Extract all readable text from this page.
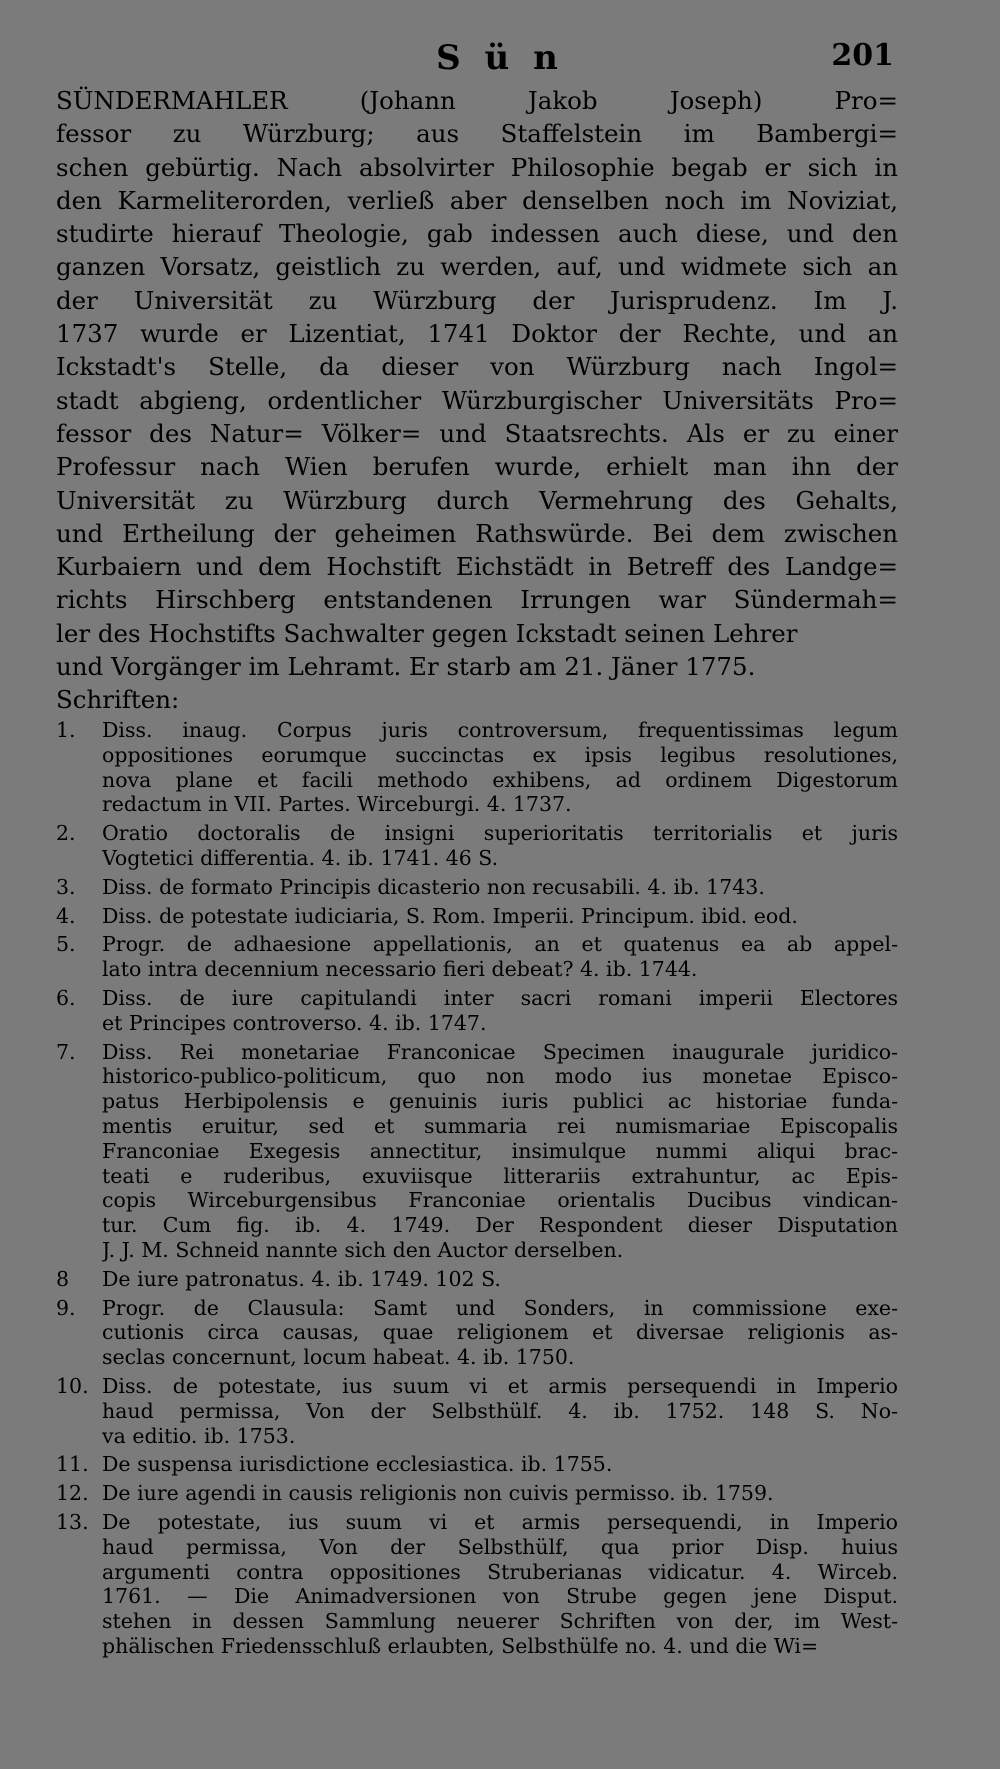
S ü n	201
SÜNDERMAHLER (Johann Jakob Joseph) Pro=
fessor zu Würzburg; aus Staffelstein im Bambergi=
schen gebürtig. Nach absolvirter Philosophie begab er sich in
den Karmeliterorden, verließ aber denselben noch im Noviziat,
studirte hierauf Theologie, gab indessen auch diese, und den
ganzen Vorsatz, geistlich zu werden, auf, und widmete sich an
der Universität zu Würzburg der Jurisprudenz. Im J.
1737 wurde er Lizentiat, 1741 Doktor der Rechte, und an
Ickstadt's Stelle, da dieser von Würzburg nach Ingol=
stadt abgieng, ordentlicher Würzburgischer Universitäts Pro=
fessor des Natur= Völker= und Staatsrechts. Als er zu einer
Professur nach Wien berufen wurde, erhielt man ihn der
Universität zu Würzburg durch Vermehrung des Gehalts,
und Ertheilung der geheimen Rathswürde. Bei dem zwischen
Kurbaiern und dem Hochstift Eichstädt in Betreff des Landge=
richts Hirschberg entstandenen Irrungen war Sündermah=
ler des Hochstifts Sachwalter gegen Ickstadt seinen Lehrer
und Vorgänger im Lehramt. Er starb am 21. Jäner 1775.
Schriften:
1.	Diss. inaug. Corpus juris controversum, frequentissimas legum
oppositiones eorumque succinctas ex ipsis legibus resolutiones,
nova plane et facili methodo exhibens, ad ordinem Digestorum
redactum in VII. Partes. Wirceburgi. 4. 1737.
2.	Oratio doctoralis de insigni superioritatis territorialis et juris
Vogtetici differentia. 4. ib. 1741. 46 S.
3.	Diss. de formato Principis dicasterio non recusabili. 4. ib. 1743.
4.	Diss. de potestate iudiciaria, S. Rom. Imperii. Principum. ibid. eod.
5.	Progr. de adhaesione appellationis, an et quatenus ea ab appel-
lato intra decennium necessario fieri debeat? 4. ib. 1744.
6.	Diss. de iure capitulandi inter sacri romani imperii Electores
et Principes controverso. 4. ib. 1747.
7.	Diss. Rei monetariae Franconicae Specimen inaugurale juridico-
historico-publico-politicum, quo non modo ius monetae Episco-
patus Herbipolensis e genuinis iuris publici ac historiae funda-
mentis eruitur, sed et summaria rei numismariae Episcopalis
Franconiae Exegesis annectitur, insimulque nummi aliqui brac-
teati e ruderibus, exuviisque litterariis extrahuntur, ac Epis-
copis Wirceburgensibus Franconiae orientalis Ducibus vindican-
tur. Cum fig. ib. 4. 1749. Der Respondent dieser Disputation
J. J. M. Schneid nannte sich den Auctor derselben.
8	De iure patronatus. 4. ib. 1749. 102 S.
9.	Progr. de Clausula: Samt und Sonders, in commissione exe-
cutionis circa causas, quae religionem et diversae religionis as-
seclas concernunt, locum habeat. 4. ib. 1750.
10. Diss. de potestate, ius suum vi et armis persequendi in Imperio
haud permissa, Von der Selbsthülf. 4. ib. 1752. 148 S. No-
va editio. ib. 1753.
11. De suspensa iurisdictione ecclesiastica. ib. 1755.
12. De iure agendi in causis religionis non cuivis permisso. ib. 1759.
13. De potestate, ius suum vi et armis persequendi, in Imperio
haud permissa, Von der Selbsthülf, qua prior Disp. huius
argumenti contra oppositiones Struberianas vidicatur. 4. Wirceb.
1761. — Die Animadversionen von Strube gegen jene Disput.
stehen in dessen Sammlung neuerer Schriften von der, im West-
phälischen Friedensschluß erlaubten, Selbsthülfe no. 4. und die Wi=
